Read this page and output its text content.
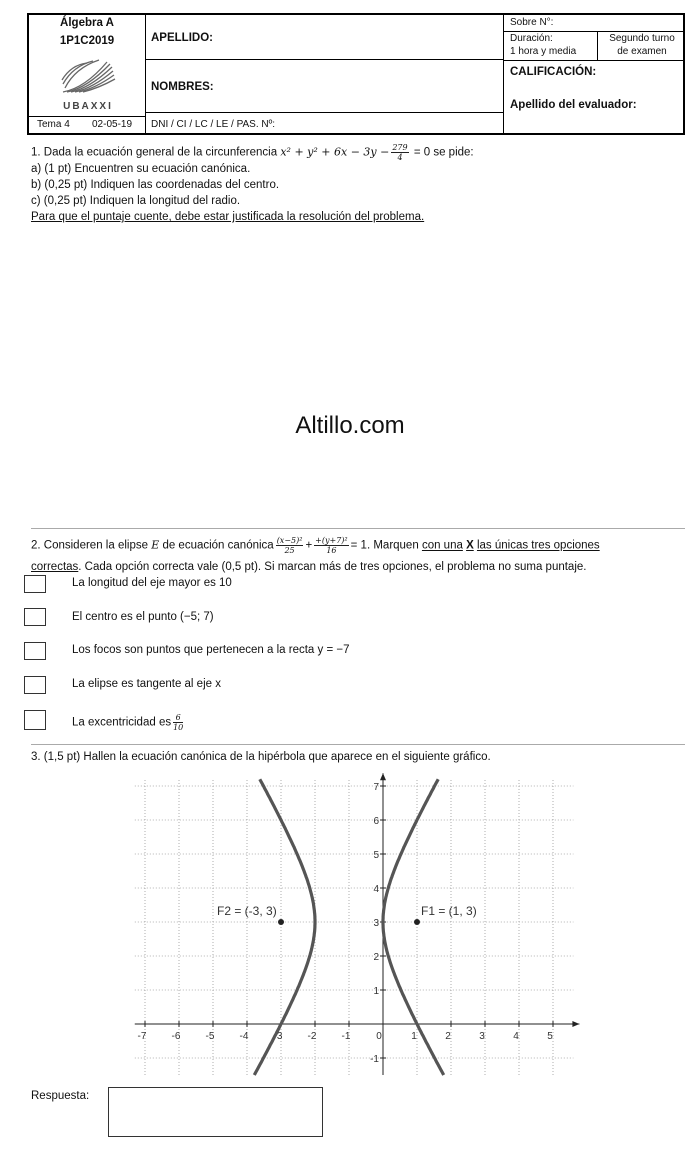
Álgebra A
1P1C2019
UBAXXI
Tema 4 02-05-19
APELLIDO:
NOMBRES:
DNI / CI / LC / LE / PAS. Nº:
Sobre N°:
Duración:
1 hora y media
Segundo turno
de examen
CALIFICACIÓN:
Apellido del evaluador:
1. Dada la ecuación general de la circunferencia $x^2 + y^2 + 6x - 3y - \frac{279}{4} = 0$ se pide:
a) (1 pt) Encuentren su ecuación canónica.
b) (0,25 pt) Indiquen las coordenadas del centro.
c) (0,25 pt) Indiquen la longitud del radio.
Para que el puntaje cuente, debe estar justificada la resolución del problema.
Altillo.com
2. Consideren la elipse E de ecuación canónica $\frac{\text{(x−5)²}}{25} + \frac{\text{+(y+7)²}}{16} = 1$. Marquen con una X las únicas tres opciones
correctas. Cada opción correcta vale (0,5 pt). Si marcan más de tres opciones, el problema no suma puntaje.
La longitud del eje mayor es 10
El centro es el punto (−5; 7)
Los focos son puntos que pertenecen a la recta y = −7
La elipse es tangente al eje x
La excentricidad es $\frac{6}{10}$
3. (1,5 pt) Hallen la ecuación canónica de la hipérbola que aparece en el siguiente gráfico.
-7	-6	-5	-4	-3	-2	-1	0	1	2	3	4	5
-1
1
2
3
4
5
6
7
F2 = (-3, 3)	F1 = (1, 3)
Respuesta:
